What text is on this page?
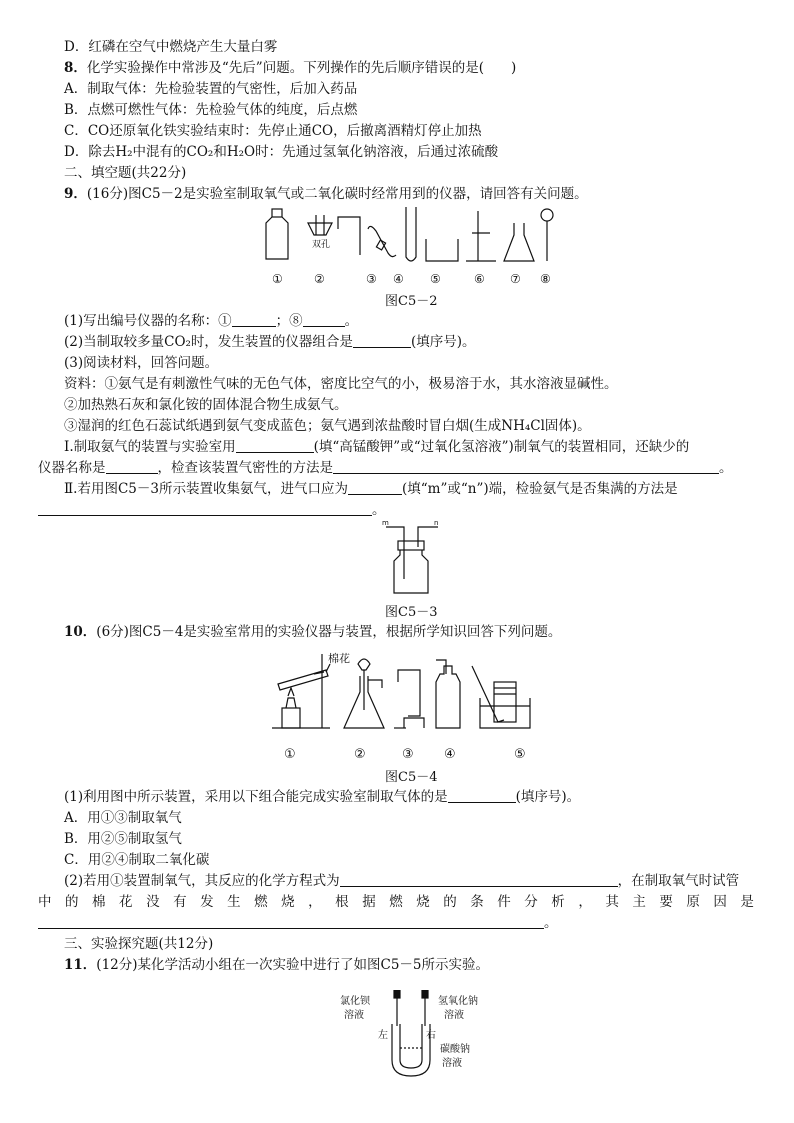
D．红磷在空气中燃烧产生大量白雾
8．化学实验操作中常涉及“先后”问题。下列操作的先后顺序错误的是(　　)
A．制取气体：先检验装置的气密性，后加入药品
B．点燃可燃性气体：先检验气体的纯度，后点燃
C．CO还原氧化铁实验结束时：先停止通CO，后撤离酒精灯停止加热
D．除去H₂中混有的CO₂和H₂O时：先通过氢氧化钠溶液，后通过浓硫酸
二、填空题(共22分)
9．(16分)图C5－2是实验室制取氧气或二氧化碳时经常用到的仪器，请回答有关问题。
双孔
①	②	③ ④ ⑤	⑥ ⑦ ⑧
图C5－2
(1)写出编号仪器的名称：①	；⑧	。
(2)当制取较多量CO₂时，发生装置的仪器组合是	(填序号)。
(3)阅读材料，回答问题。
资料：①氨气是有刺激性气味的无色气体，密度比空气的小，极易溶于水，其水溶液显碱性。
②加热熟石灰和氯化铵的固体混合物生成氨气。
③湿润的红色石蕊试纸遇到氨气变成蓝色；氨气遇到浓盐酸时冒白烟(生成NH₄Cl固体)。
Ⅰ.制取氨气的装置与实验室用	(填“高锰酸钾”或“过氧化氢溶液”)制氧气的装置相同，还缺少的
仪器名称是	，检查该装置气密性的方法是	。
Ⅱ.若用图C5－3所示装置收集氨气，进气口应为	(填“m”或“n”)端，检验氨气是否集满的方法是
。
m	n
图C5－3
10．(6分)图C5－4是实验室常用的实验仪器与装置，根据所学知识回答下列问题。
棉花
①	②	③ ④	⑤
图C5－4
(1)利用图中所示装置，采用以下组合能完成实验室制取气体的是	(填序号)。
A．用①③制取氧气
B．用②⑤制取氢气
C．用②④制取二氧化碳
(2)若用①装置制氧气，其反应的化学方程式为	，在制取氧气时试管
中 的 棉 花 没 有 发 生 燃 烧 ， 根 据 燃 烧 的 条 件 分 析 ， 其 主 要 原 因 是
。
三、实验探究题(共12分)
11．(12分)某化学活动小组在一次实验中进行了如图C5－5所示实验。
氯化钡
溶液
氢氧化钠
溶液
左	右
碳酸钠
溶液
